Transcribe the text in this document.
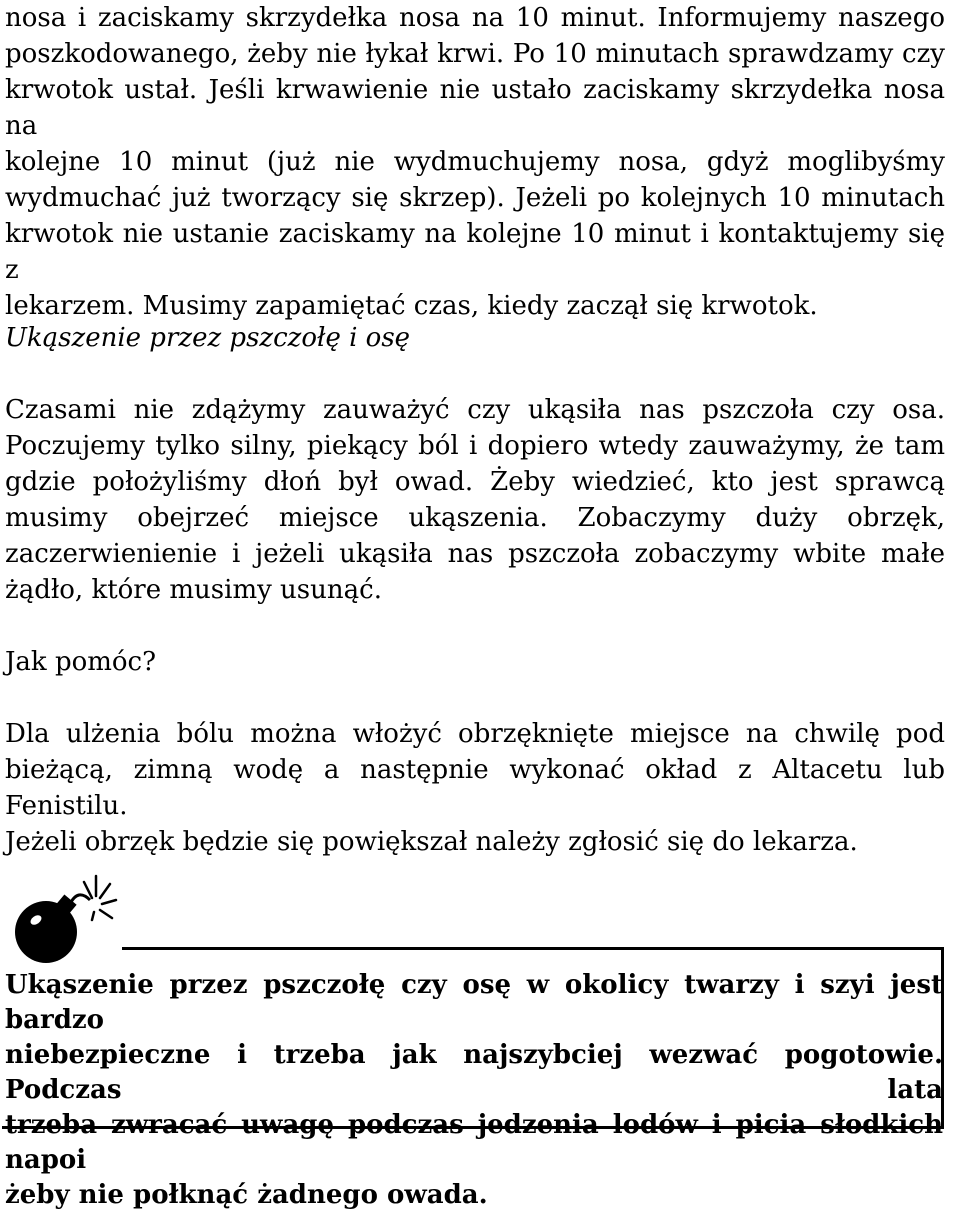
nosa i zaciskamy skrzydełka nosa na 10 minut. Informujemy naszego
poszkodowanego, żeby nie łykał krwi. Po 10 minutach sprawdzamy czy
krwotok ustał. Jeśli krwawienie nie ustało zaciskamy skrzydełka nosa na
kolejne 10 minut (już nie wydmuchujemy nosa, gdyż moglibyśmy
wydmuchać już tworzący się skrzep). Jeżeli po kolejnych 10 minutach
krwotok nie ustanie zaciskamy na kolejne 10 minut i kontaktujemy się z
lekarzem. Musimy zapamiętać czas, kiedy zaczął się krwotok.

Ukąszenie przez pszczołę i osę

Czasami nie zdążymy zauważyć czy ukąsiła nas pszczoła czy osa.
Poczujemy tylko silny, piekący ból i dopiero wtedy zauważymy, że tam
gdzie położyliśmy dłoń był owad. Żeby wiedzieć, kto jest sprawcą
musimy obejrzeć miejsce ukąszenia. Zobaczymy duży obrzęk,
zaczerwienienie i jeżeli ukąsiła nas pszczoła zobaczymy wbite małe
żądło, które musimy usunąć.

Jak pomóc?

Dla ulżenia bólu można włożyć obrzęknięte miejsce na chwilę pod
bieżącą, zimną wodę a następnie wykonać okład z Altacetu lub Fenistilu.
Jeżeli obrzęk będzie się powiększał należy zgłosić się do lekarza.
Ukąszenie przez pszczołę czy osę w okolicy twarzy i szyi jest bardzo
niebezpieczne i trzeba jak najszybciej wezwać pogotowie. Podczas lata
trzeba zwracać uwagę podczas jedzenia lodów i picia słodkich napoi
żeby nie połknąć żadnego owada.
